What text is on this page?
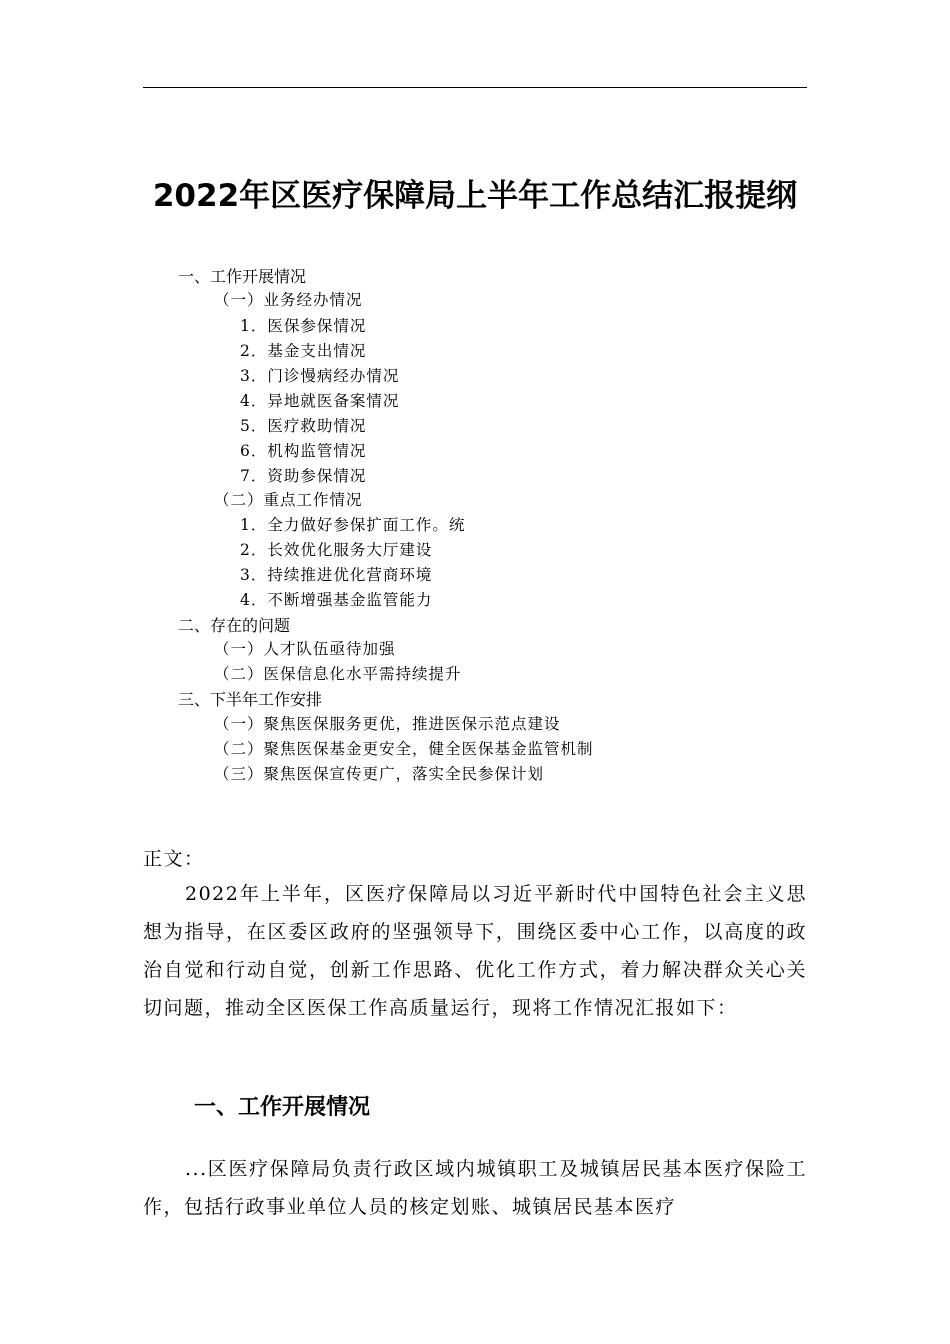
2022年区医疗保障局上半年工作总结汇报提纲
一、工作开展情况
（一）业务经办情况
1．医保参保情况
2．基金支出情况
3．门诊慢病经办情况
4．异地就医备案情况
5．医疗救助情况
6．机构监管情况
7．资助参保情况
（二）重点工作情况
1．全力做好参保扩面工作。统
2．长效优化服务大厅建设
3．持续推进优化营商环境
4．不断增强基金监管能力
二、存在的问题
（一）人才队伍亟待加强
（二）医保信息化水平需持续提升
三、下半年工作安排
（一）聚焦医保服务更优，推进医保示范点建设
（二）聚焦医保基金更安全，健全医保基金监管机制
（三）聚焦医保宣传更广，落实全民参保计划
正文：

2022年上半年，区医疗保障局以习近平新时代中国特色社会主义思想为指导，在区委区政府的坚强领导下，围绕区委中心工作，以高度的政治自觉和行动自觉，创新工作思路、优化工作方式，着力解决群众关心关切问题，推动全区医保工作高质量运行，现将工作情况汇报如下：

一、工作开展情况

...区医疗保障局负责行政区域内城镇职工及城镇居民基本医疗保险工作，包括行政事业单位人员的核定划账、城镇居民基本医疗
